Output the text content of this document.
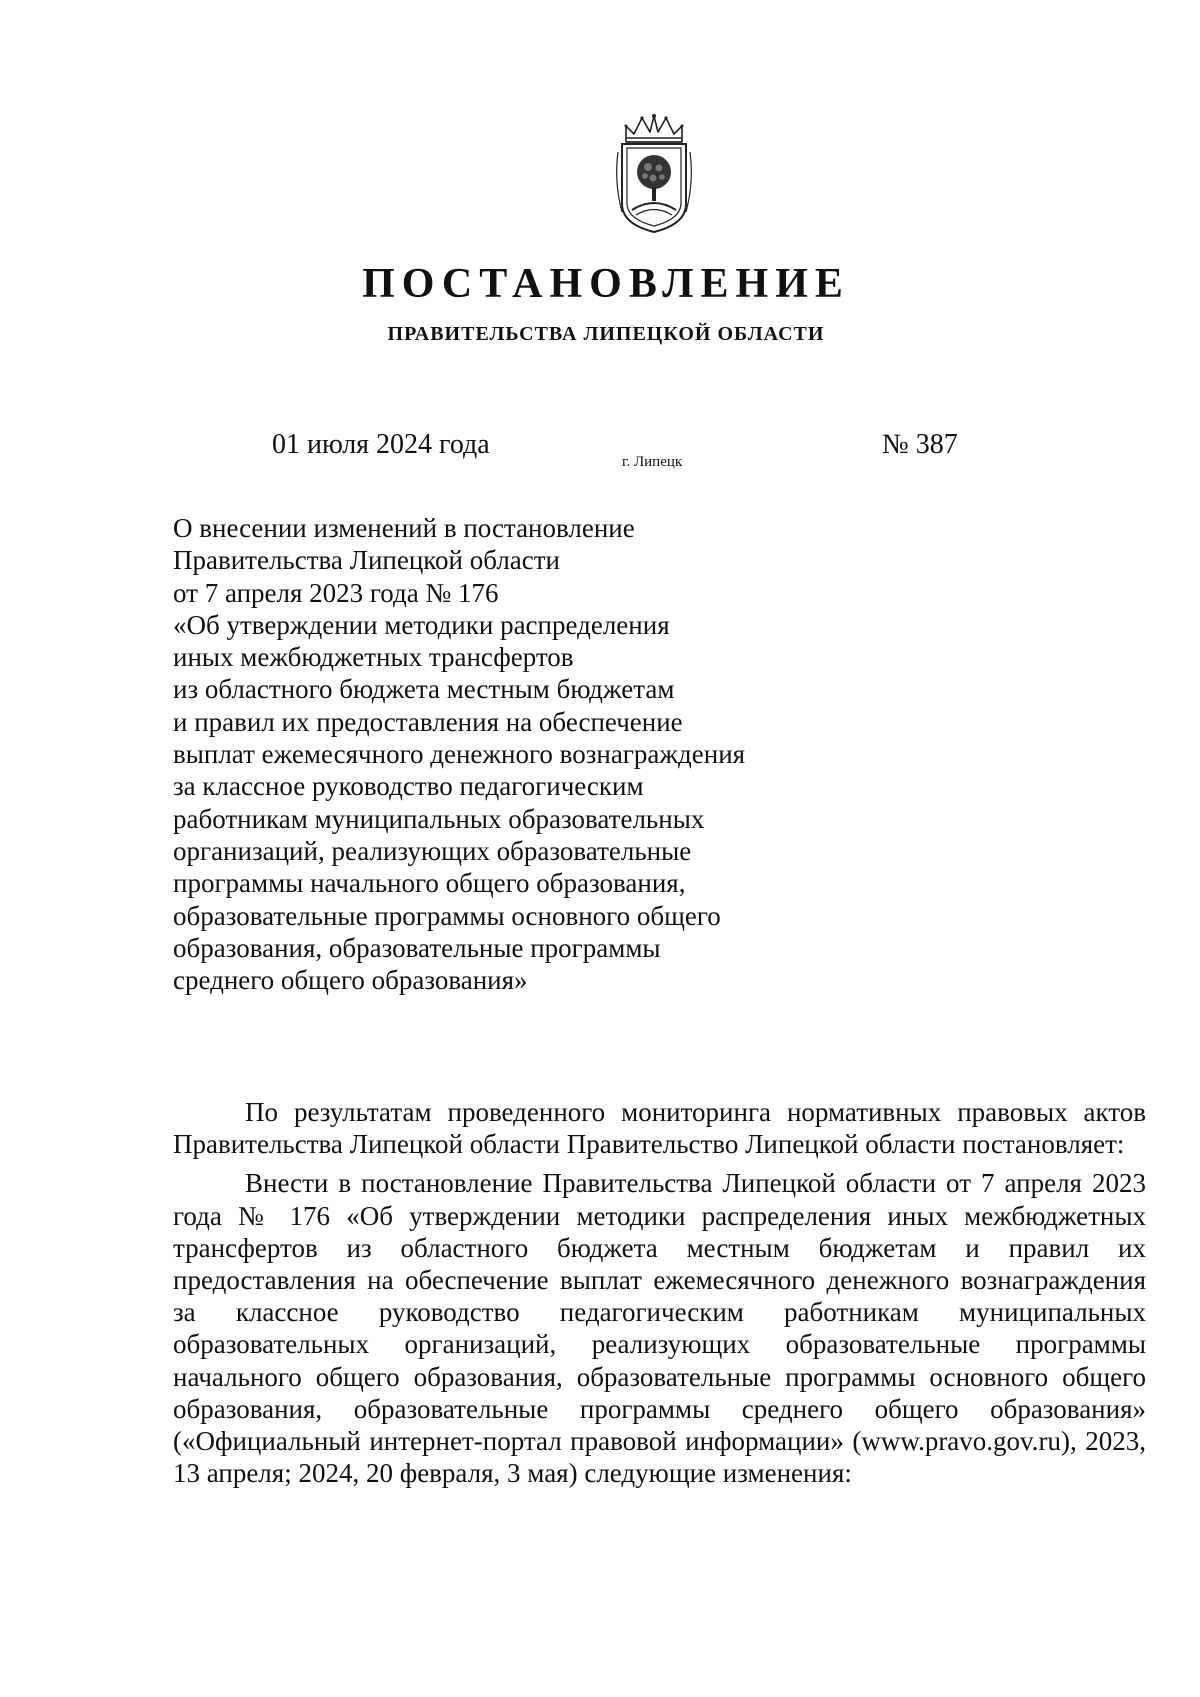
ПОСТАНОВЛЕНИЕ
ПРАВИТЕЛЬСТВА ЛИПЕЦКОЙ ОБЛАСТИ
01 июля 2024 года
г. Липецк
№ 387
О внесении изменений в постановление
Правительства Липецкой области
от 7 апреля 2023 года № 176
«Об утверждении методики распределения
иных межбюджетных трансфертов
из областного бюджета местным бюджетам
и правил их предоставления на обеспечение
выплат ежемесячного денежного вознаграждения
за классное руководство педагогическим
работникам муниципальных образовательных
организаций, реализующих образовательные
программы начального общего образования,
образовательные программы основного общего
образования, образовательные программы
среднего общего образования»

По результатам проведенного мониторинга нормативных правовых актов Правительства Липецкой области Правительство Липецкой области постановляет:

Внести в постановление Правительства Липецкой области от 7 апреля 2023 года № 176 «Об утверждении методики распределения иных межбюджетных трансфертов из областного бюджета местным бюджетам и правил их предоставления на обеспечение выплат ежемесячного денежного вознаграждения за классное руководство педагогическим работникам муниципальных образовательных организаций, реализующих образовательные программы начального общего образования, образовательные программы основного общего образования, образовательные программы среднего общего образования» («Официальный интернет-портал правовой информации» (www.pravo.gov.ru), 2023, 13 апреля; 2024, 20 февраля, 3 мая) следующие изменения:
